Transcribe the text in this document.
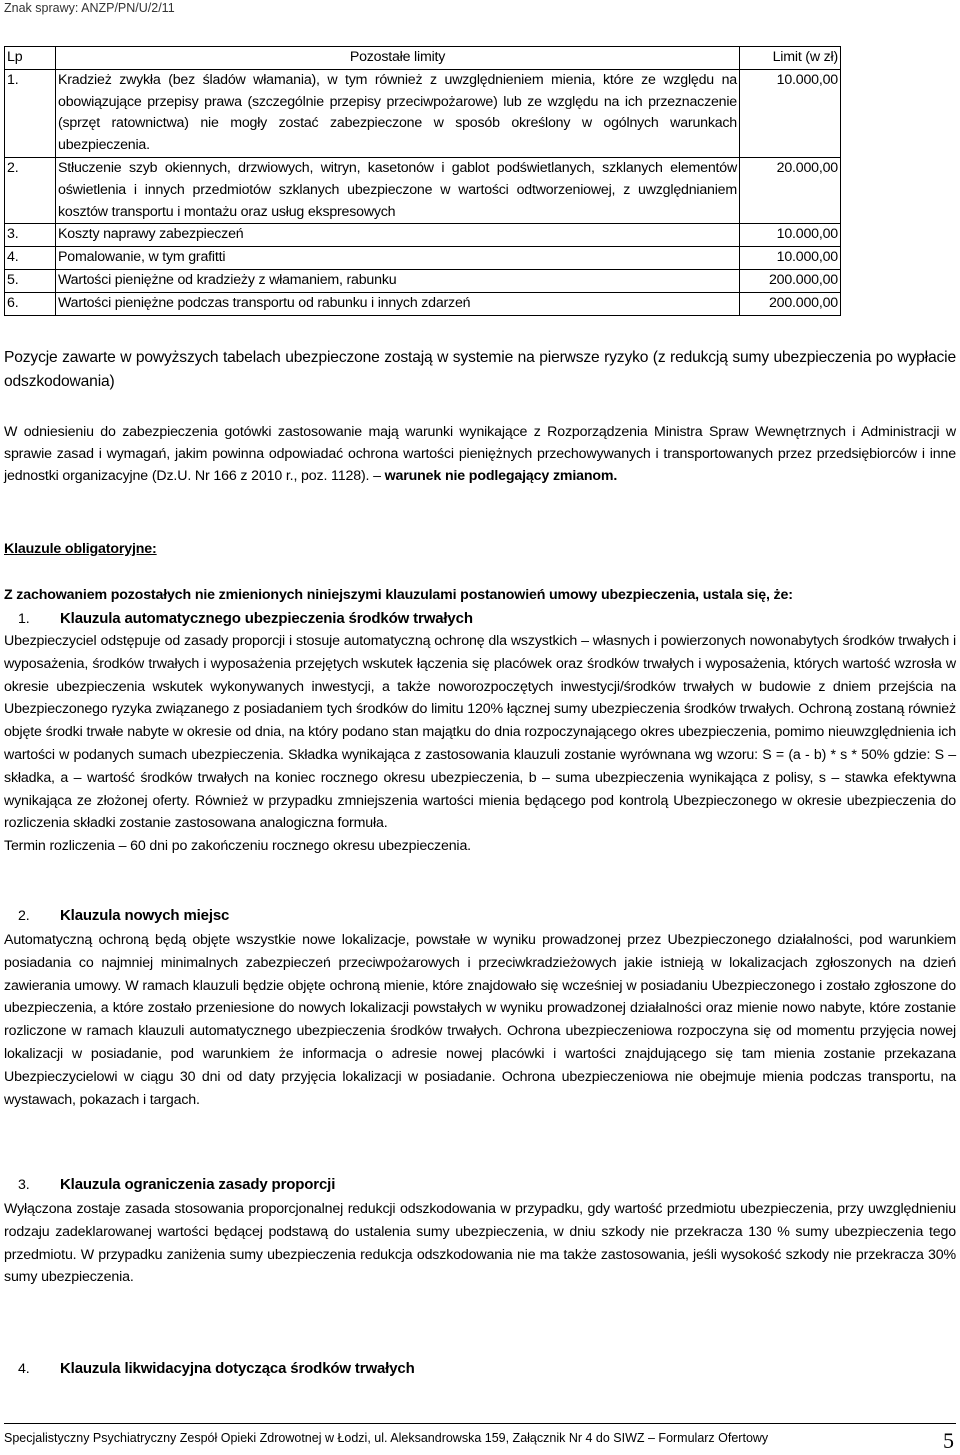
Znak sprawy: ANZP/PN/U/2/11
Lp	Pozostałe limity	Limit (w zł)
1.	Kradzież zwykła (bez śladów włamania), w tym również z uwzględnieniem mienia, które ze względu na obowiązujące przepisy prawa (szczególnie przepisy przeciwpożarowe) lub ze względu na ich przeznaczenie (sprzęt ratownictwa) nie mogły zostać zabezpieczone w sposób określony w ogólnych warunkach ubezpieczenia.	10.000,00
2.	Stłuczenie szyb okiennych, drzwiowych, witryn, kasetonów i gablot podświetlanych, szklanych elementów oświetlenia i innych przedmiotów szklanych ubezpieczone w wartości odtworzeniowej, z uwzględnianiem kosztów transportu i montażu oraz usług ekspresowych	20.000,00
3.	Koszty naprawy zabezpieczeń	10.000,00
4.	Pomalowanie, w tym grafitti	10.000,00
5.	Wartości pieniężne od kradzieży z włamaniem, rabunku	200.000,00
6.	Wartości pieniężne podczas transportu od rabunku i innych zdarzeń	200.000,00
Pozycje zawarte w powyższych tabelach ubezpieczone zostają w systemie na pierwsze ryzyko (z redukcją sumy ubezpieczenia po wypłacie odszkodowania)
W odniesieniu do zabezpieczenia gotówki zastosowanie mają warunki wynikające z Rozporządzenia Ministra Spraw Wewnętrznych i Administracji w sprawie zasad i wymagań, jakim powinna odpowiadać ochrona wartości pieniężnych przechowywanych i transportowanych przez przedsiębiorców i inne jednostki organizacyjne (Dz.U. Nr 166 z 2010 r., poz. 1128). – warunek nie podlegający zmianom.
Klauzule obligatoryjne:
Z zachowaniem pozostałych nie zmienionych niniejszymi klauzulami postanowień umowy ubezpieczenia, ustala się, że:
1. Klauzula automatycznego ubezpieczenia środków trwałych
Ubezpieczyciel odstępuje od zasady proporcji i stosuje automatyczną ochronę dla wszystkich – własnych i powierzonych nowonabytych środków trwałych i wyposażenia, środków trwałych i wyposażenia przejętych wskutek łączenia się placówek oraz środków trwałych i wyposażenia, których wartość wzrosła w okresie ubezpieczenia wskutek wykonywanych inwestycji, a także noworozpoczętych inwestycji/środków trwałych w budowie z dniem przejścia na Ubezpieczonego ryzyka związanego z posiadaniem tych środków do limitu 120% łącznej sumy ubezpieczenia środków trwałych. Ochroną zostaną również objęte środki trwałe nabyte w okresie od dnia, na który podano stan majątku do dnia rozpoczynającego okres ubezpieczenia, pomimo nieuwzględnienia ich wartości w podanych sumach ubezpieczenia. Składka wynikająca z zastosowania klauzuli zostanie wyrównana wg wzoru: S = (a - b) * s * 50% gdzie: S – składka, a – wartość środków trwałych na koniec rocznego okresu ubezpieczenia, b – suma ubezpieczenia wynikająca z polisy, s – stawka efektywna wynikająca ze złożonej oferty. Również w przypadku zmniejszenia wartości mienia będącego pod kontrolą Ubezpieczonego w okresie ubezpieczenia do rozliczenia składki zostanie zastosowana analogiczna formuła.
Termin rozliczenia – 60 dni po zakończeniu rocznego okresu ubezpieczenia.
2. Klauzula nowych miejsc
Automatyczną ochroną będą objęte wszystkie nowe lokalizacje, powstałe w wyniku prowadzonej przez Ubezpieczonego działalności, pod warunkiem posiadania co najmniej minimalnych zabezpieczeń przeciwpożarowych i przeciwkradzieżowych jakie istnieją w lokalizacjach zgłoszonych na dzień zawierania umowy. W ramach klauzuli będzie objęte ochroną mienie, które znajdowało się wcześniej w posiadaniu Ubezpieczonego i zostało zgłoszone do ubezpieczenia, a które zostało przeniesione do nowych lokalizacji powstałych w wyniku prowadzonej działalności oraz mienie nowo nabyte, które zostanie rozliczone w ramach klauzuli automatycznego ubezpieczenia środków trwałych. Ochrona ubezpieczeniowa rozpoczyna się od momentu przyjęcia nowej lokalizacji w posiadanie, pod warunkiem że informacja o adresie nowej placówki i wartości znajdującego się tam mienia zostanie przekazana Ubezpieczycielowi w ciągu 30 dni od daty przyjęcia lokalizacji w posiadanie. Ochrona ubezpieczeniowa nie obejmuje mienia podczas transportu, na wystawach, pokazach i targach.
3. Klauzula ograniczenia zasady proporcji
Wyłączona zostaje zasada stosowania proporcjonalnej redukcji odszkodowania w przypadku, gdy wartość przedmiotu ubezpieczenia, przy uwzględnieniu rodzaju zadeklarowanej wartości będącej podstawą do ustalenia sumy ubezpieczenia, w dniu szkody nie przekracza 130 % sumy ubezpieczenia tego przedmiotu. W przypadku zaniżenia sumy ubezpieczenia redukcja odszkodowania nie ma także zastosowania, jeśli wysokość szkody nie przekracza 30% sumy ubezpieczenia.
4. Klauzula likwidacyjna dotycząca środków trwałych
Specjalistyczny Psychiatryczny Zespół Opieki Zdrowotnej w Łodzi, ul. Aleksandrowska 159, Załącznik Nr 4 do SIWZ – Formularz Ofertowy	5
